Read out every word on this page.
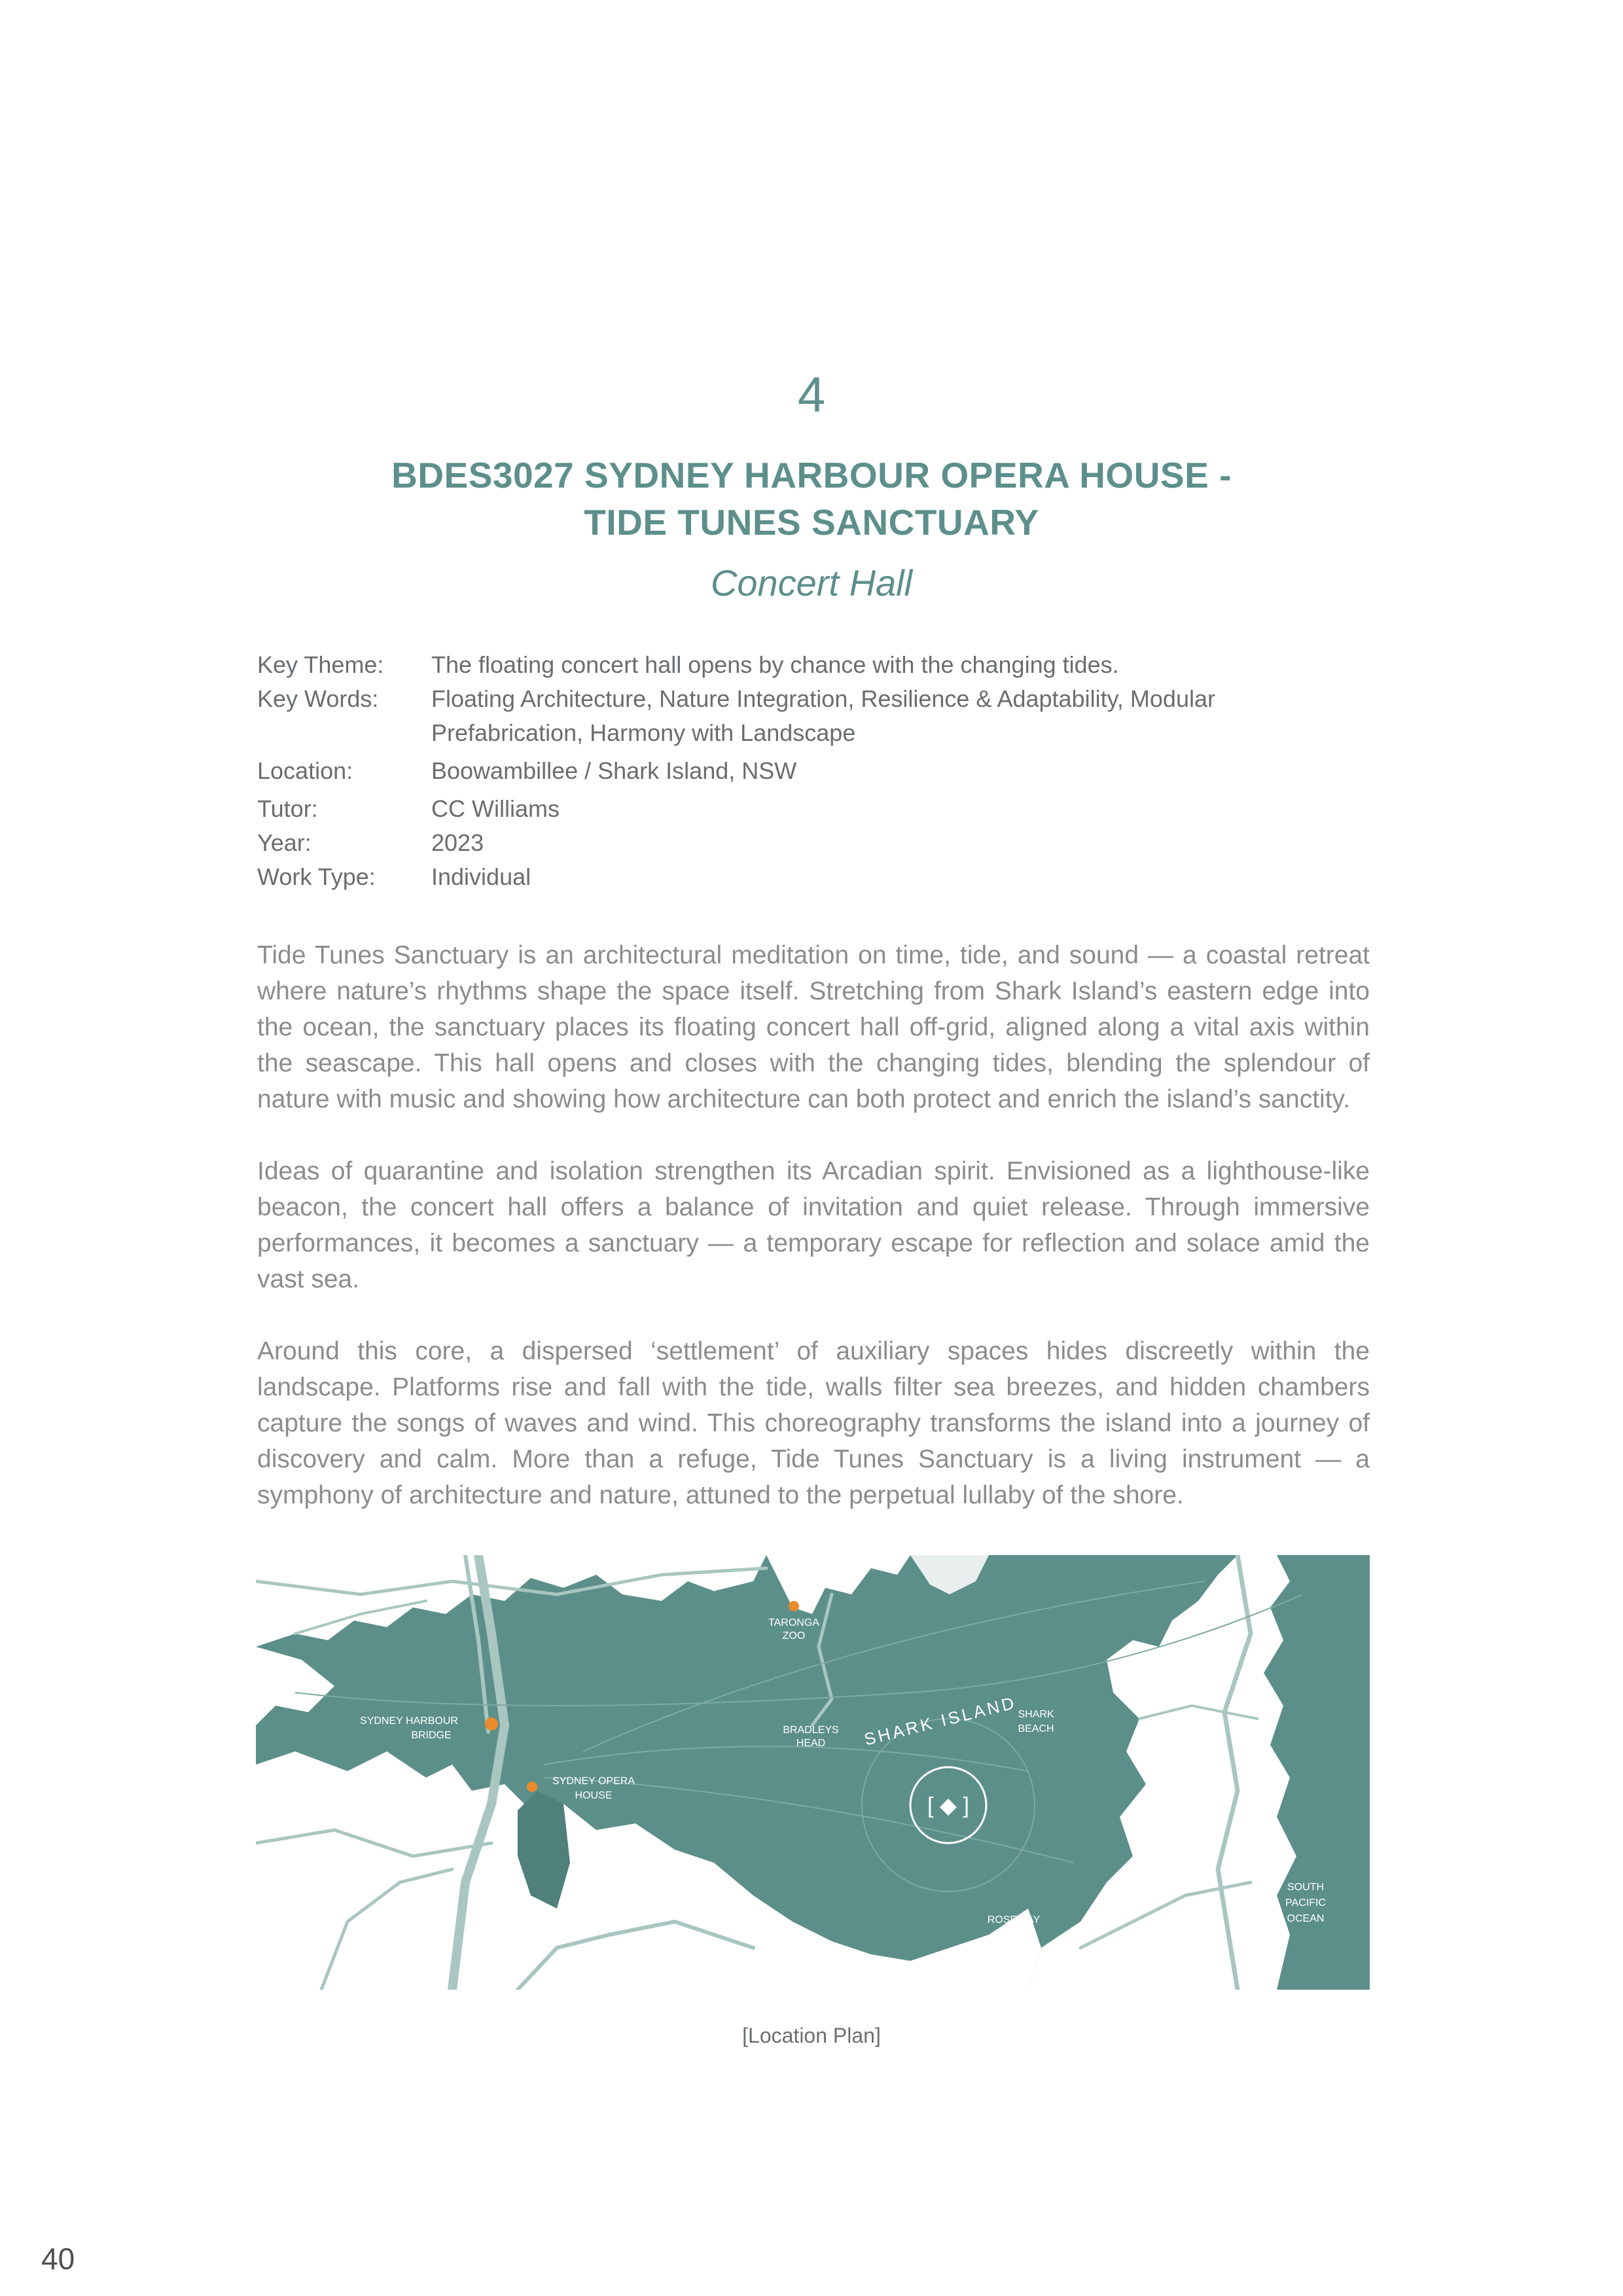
4
BDES3027 SYDNEY HARBOUR OPERA HOUSE -
TIDE TUNES SANCTUARY
Concert Hall
Key Theme:	The floating concert hall opens by chance with the changing tides.
Key Words:	Floating Architecture, Nature Integration, Resilience & Adaptability, Modular
Prefabrication, Harmony with Landscape
Location:	Boowambillee / Shark Island, NSW
Tutor:	CC Williams
Year:	2023
Work Type:	Individual

Tide Tunes Sanctuary is an architectural meditation on time, tide, and sound — a coastal retreat where nature’s rhythms shape the space itself. Stretching from Shark Island’s eastern edge into the ocean, the sanctuary places its floating concert hall off-grid, aligned along a vital axis within the seascape. This hall opens and closes with the changing tides, blending the splendour of nature with music and showing how architecture can both protect and enrich the island’s sanctity.

Ideas of quarantine and isolation strengthen its Arcadian spirit. Envisioned as a lighthouse-like beacon, the concert hall offers a balance of invitation and quiet release. Through immersive performances, it becomes a sanctuary — a temporary escape for reflection and solace amid the vast sea.

Around this core, a dispersed ‘settlement’ of auxiliary spaces hides discreetly within the landscape. Platforms rise and fall with the tide, walls filter sea breezes, and hidden chambers capture the songs of waves and wind. This choreography transforms the island into a journey of discovery and calm. More than a refuge, Tide Tunes Sanctuary is a living instrument — a symphony of architecture and nature, attuned to the perpetual lullaby of the shore.

[ ◆ ]
TARONGA
ZOO
SYDNEY HARBOUR
BRIDGE
SYDNEY OPERA
HOUSE
BRADLEYS
HEAD
SHARK
BEACH
ROSE BAY
SOUTH
PACIFIC
OCEAN
SHARK ISLAND
[Location Plan]
40
